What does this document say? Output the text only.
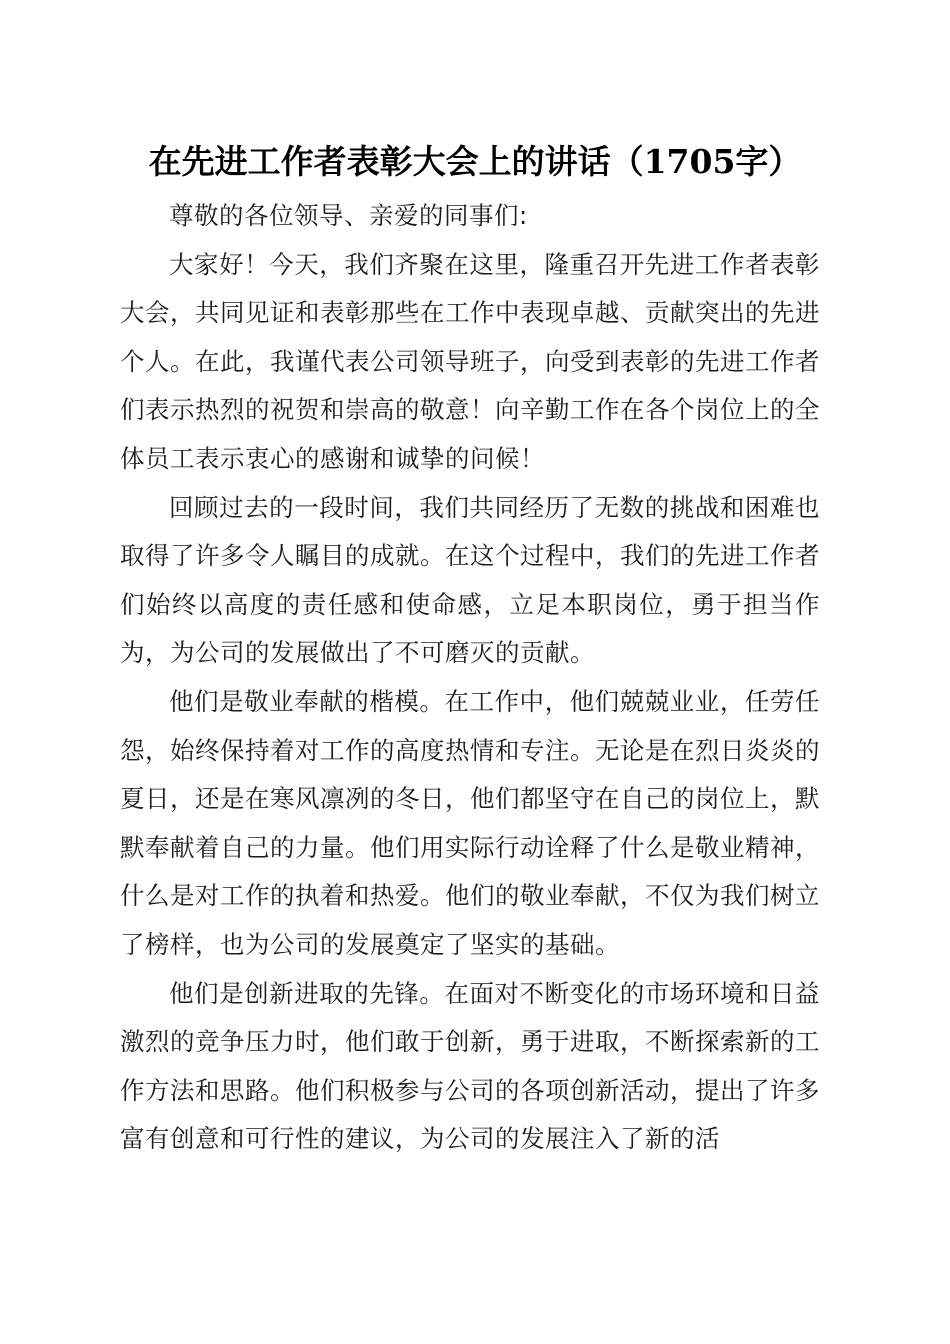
在先进工作者表彰大会上的讲话（1705字）

尊敬的各位领导、亲爱的同事们:

大家好！今天，我们齐聚在这里，隆重召开先进工作者表彰大会，共同见证和表彰那些在工作中表现卓越、贡献突出的先进个人。在此，我谨代表公司领导班子，向受到表彰的先进工作者们表示热烈的祝贺和崇高的敬意！向辛勤工作在各个岗位上的全体员工表示衷心的感谢和诚挚的问候！

回顾过去的一段时间，我们共同经历了无数的挑战和困难也取得了许多令人瞩目的成就。在这个过程中，我们的先进工作者们始终以高度的责任感和使命感，立足本职岗位，勇于担当作为，为公司的发展做出了不可磨灭的贡献。

他们是敬业奉献的楷模。在工作中，他们兢兢业业，任劳任怨，始终保持着对工作的高度热情和专注。无论是在烈日炎炎的夏日，还是在寒风凛冽的冬日，他们都坚守在自己的岗位上，默默奉献着自己的力量。他们用实际行动诠释了什么是敬业精神，什么是对工作的执着和热爱。他们的敬业奉献，不仅为我们树立了榜样，也为公司的发展奠定了坚实的基础。

他们是创新进取的先锋。在面对不断变化的市场环境和日益激烈的竞争压力时，他们敢于创新，勇于进取，不断探索新的工作方法和思路。他们积极参与公司的各项创新活动，提出了许多富有创意和可行性的建议，为公司的发展注入了新的活
